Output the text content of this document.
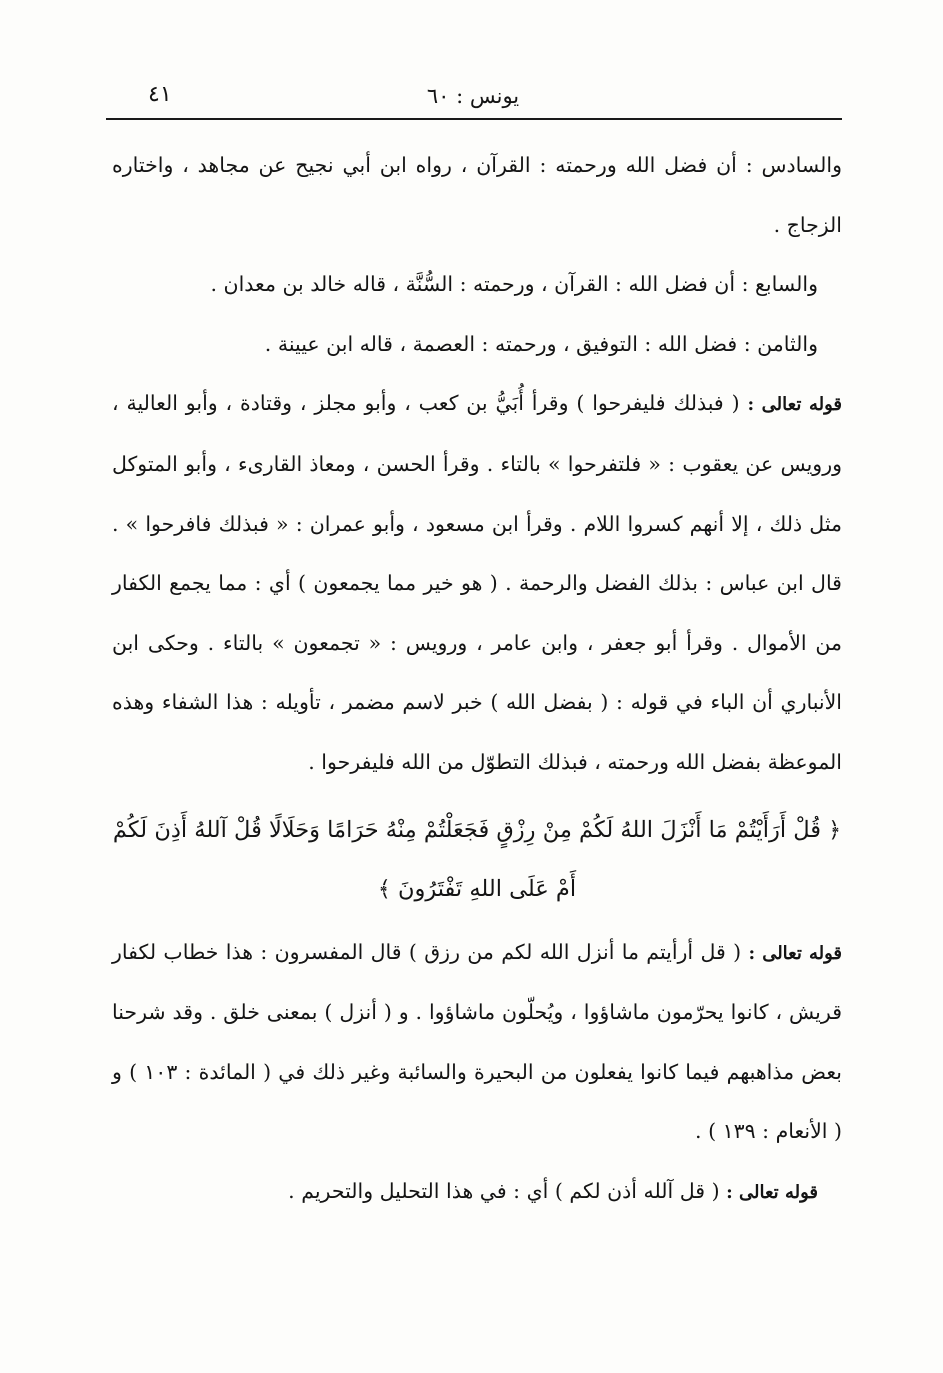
يونس : ٦٠
٤١

والسادس : أن فضل الله ورحمته : القرآن ، رواه ابن أبي نجيح عن مجاهد ، واختاره الزجاج .

والسابع : أن فضل الله : القرآن ، ورحمته : السُّنَّة ، قاله خالد بن معدان .

والثامن : فضل الله : التوفيق ، ورحمته : العصمة ، قاله ابن عيينة .

قوله تعالى : ( فبذلك فليفرحوا ) وقرأ أُبَيُّ بن كعب ، وأبو مجلز ، وقتادة ، وأبو العالية ، ورويس عن يعقوب : « فلتفرحوا » بالتاء . وقرأ الحسن ، ومعاذ القارىء ، وأبو المتوكل مثل ذلك ، إلا أنهم كسروا اللام . وقرأ ابن مسعود ، وأبو عمران : « فبذلك فافرحوا » . قال ابن عباس : بذلك الفضل والرحمة . ( هو خير مما يجمعون ) أي : مما يجمع الكفار من الأموال . وقرأ أبو جعفر ، وابن عامر ، ورويس : « تجمعون » بالتاء . وحكى ابن الأنباري أن الباء في قوله : ( بفضل الله ) خبر لاسم مضمر ، تأويله : هذا الشفاء وهذه الموعظة بفضل الله ورحمته ، فبذلك التطوّل من الله فليفرحوا .

﴿ قُلْ أَرَأَيْتُمْ مَا أَنْزَلَ اللهُ لَكُمْ مِنْ رِزْقٍ فَجَعَلْتُمْ مِنْهُ حَرَامًا وَحَلَالًا قُلْ آللهُ أَذِنَ لَكُمْ أَمْ عَلَى اللهِ تَفْتَرُونَ ﴾

قوله تعالى : ( قل أرأيتم ما أنزل الله لكم من رزق ) قال المفسرون : هذا خطاب لكفار قريش ، كانوا يحرّمون ماشاؤوا ، ويُحلّون ماشاؤوا . و ( أنزل ) بمعنى خلق . وقد شرحنا بعض مذاهبهم فيما كانوا يفعلون من البحيرة والسائبة وغير ذلك في ( المائدة : ١٠٣ ) و ( الأنعام : ١٣٩ ) .

قوله تعالى : ( قل آلله أذن لكم ) أي : في هذا التحليل والتحريم .
